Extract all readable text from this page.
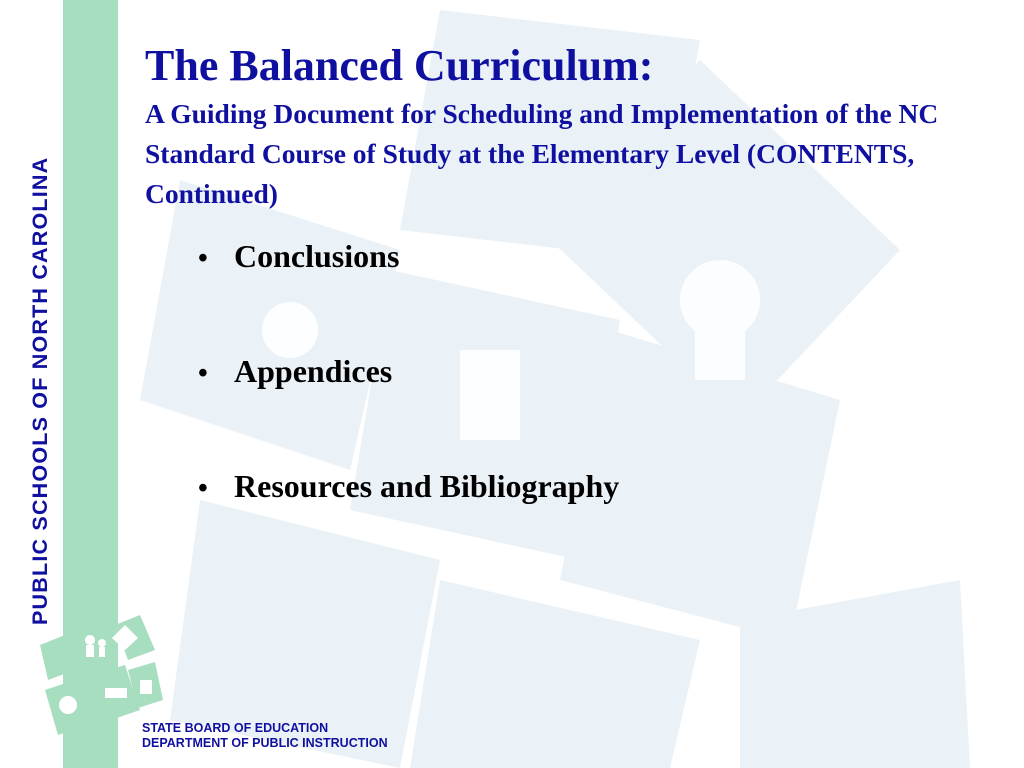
PUBLIC SCHOOLS OF NORTH CAROLINA
The Balanced Curriculum:

A Guiding Document for Scheduling and Implementation of the NC Standard Course of Study at the Elementary Level (CONTENTS, Continued)

• Conclusions
• Appendices
• Resources and Bibliography
STATE BOARD OF EDUCATION
DEPARTMENT OF PUBLIC INSTRUCTION
